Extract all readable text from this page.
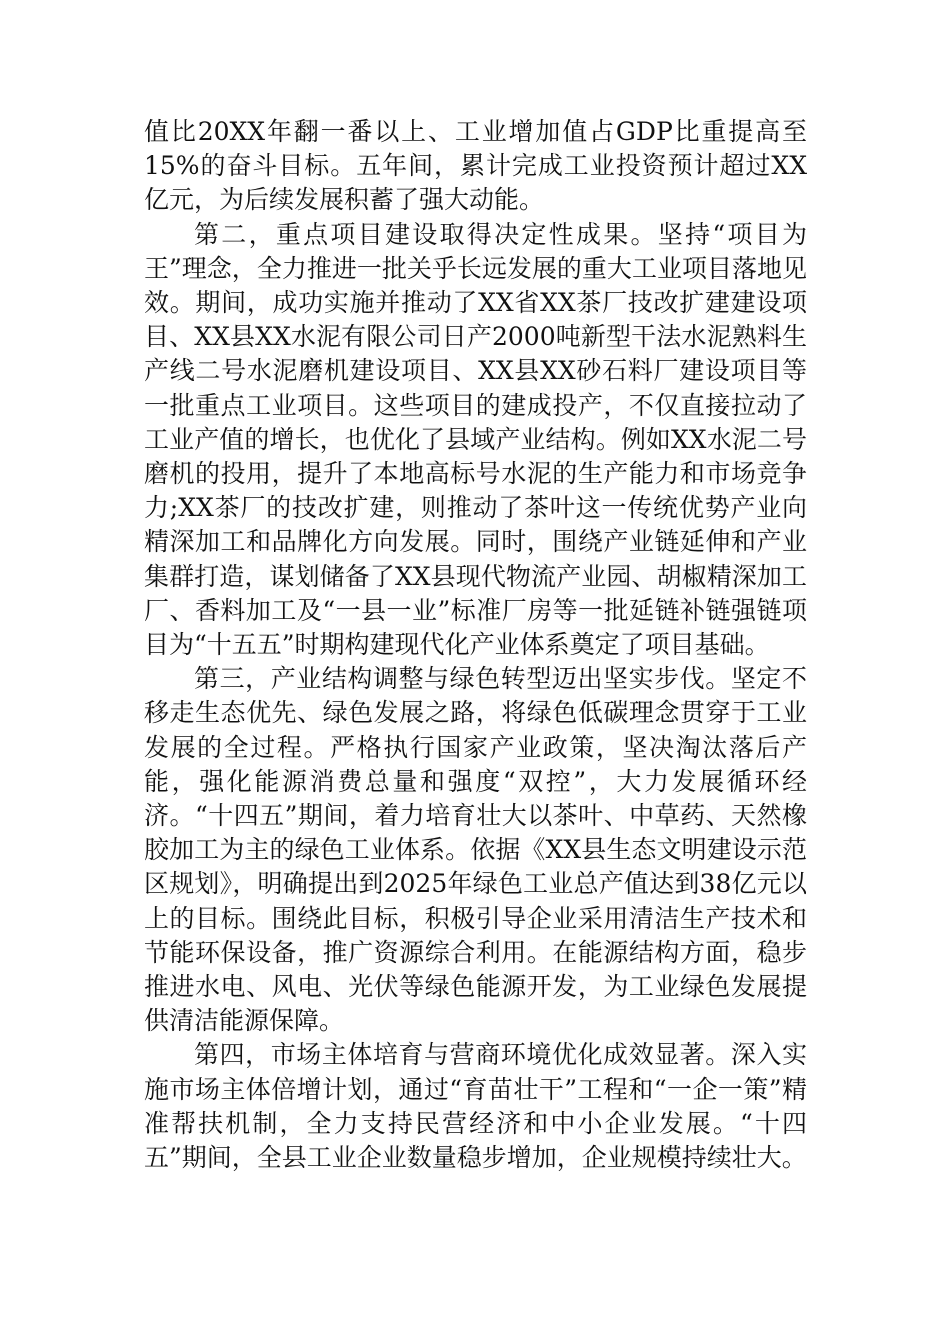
值比20XX年翻一番以上、工业增加值占GDP比重提高至15%的奋斗目标。五年间，累计完成工业投资预计超过XX亿元，为后续发展积蓄了强大动能。

第二，重点项目建设取得决定性成果。坚持“项目为王”理念，全力推进一批关乎长远发展的重大工业项目落地见效。期间，成功实施并推动了XX省XX茶厂技改扩建建设项目、XX县XX水泥有限公司日产2000吨新型干法水泥熟料生产线二号水泥磨机建设项目、XX县XX砂石料厂建设项目等一批重点工业项目。这些项目的建成投产，不仅直接拉动了工业产值的增长，也优化了县域产业结构。例如XX水泥二号磨机的投用，提升了本地高标号水泥的生产能力和市场竞争力;XX茶厂的技改扩建，则推动了茶叶这一传统优势产业向精深加工和品牌化方向发展。同时，围绕产业链延伸和产业集群打造，谋划储备了XX县现代物流产业园、胡椒精深加工厂、香料加工及“一县一业”标准厂房等一批延链补链强链项目为“十五五”时期构建现代化产业体系奠定了项目基础。

第三，产业结构调整与绿色转型迈出坚实步伐。坚定不移走生态优先、绿色发展之路，将绿色低碳理念贯穿于工业发展的全过程。严格执行国家产业政策，坚决淘汰落后产能，强化能源消费总量和强度“双控”，大力发展循环经济。“十四五”期间，着力培育壮大以茶叶、中草药、天然橡胶加工为主的绿色工业体系。依据《XX县生态文明建设示范区规划》，明确提出到2025年绿色工业总产值达到38亿元以上的目标。围绕此目标，积极引导企业采用清洁生产技术和节能环保设备，推广资源综合利用。在能源结构方面，稳步推进水电、风电、光伏等绿色能源开发，为工业绿色发展提供清洁能源保障。

第四，市场主体培育与营商环境优化成效显著。深入实施市场主体倍增计划，通过“育苗壮干”工程和“一企一策”精准帮扶机制，全力支持民营经济和中小企业发展。“十四五”期间，全县工业企业数量稳步增加，企业规模持续壮大。
